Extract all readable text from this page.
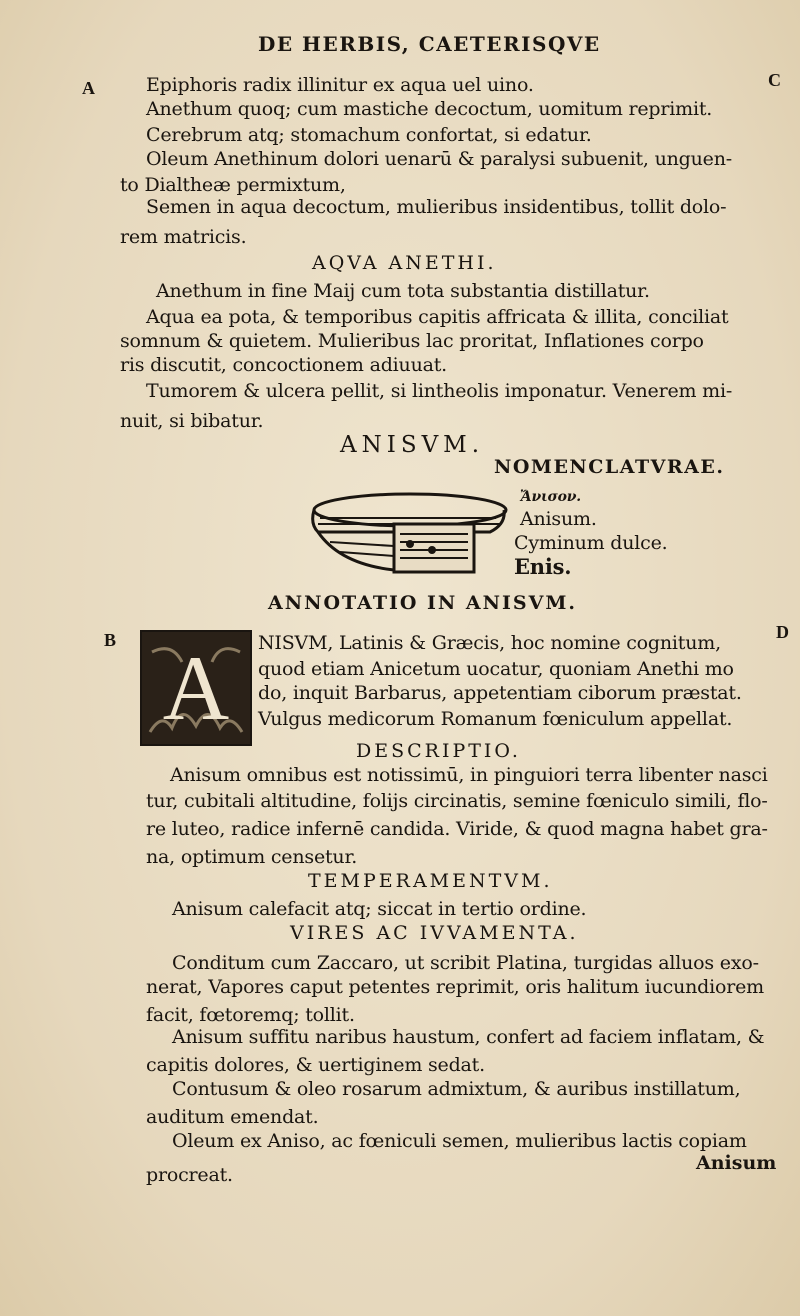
DE HERBIS, CAETERISQVE
A	C
B	D
Epiphoris radix illinitur ex aqua uel uino.
Anethum quoq; cum mastiche decoctum, uomitum reprimit.
Cerebrum atq; stomachum confortat, si edatur.
Oleum Anethinum dolori uenarū & paralysi subuenit, unguen-
to Dialtheæ permixtum,
Semen in aqua decoctum, mulieribus insidentibus, tollit dolo-
rem matricis.
AQVA ANETHI.
Anethum in fine Maij cum tota substantia distillatur.
Aqua ea pota, & temporibus capitis affricata & illita, conciliat
somnum & quietem. Mulieribus lac proritat, Inflationes corpo
ris discutit, concoctionem adiuuat.
Tumorem & ulcera pellit, si lintheolis imponatur. Venerem mi-
nuit, si bibatur.
ANISVM.
NOMENCLATVRAE.
Ἄνισον.
Anisum.
Cyminum dulce.
Enis.
ANNOTATIO IN ANISVM.
A	NISVM, Latinis & Græcis, hoc nomine cognitum,
quod etiam Anicetum uocatur, quoniam Anethi mo
do, inquit Barbarus, appetentiam ciborum præstat.
Vulgus medicorum Romanum fœniculum appellat.
DESCRIPTIO.
Anisum omnibus est notissimū, in pinguiori terra libenter nasci
tur, cubitali altitudine, folijs circinatis, semine fœniculo simili, flo-
re luteo, radice infernē candida. Viride, & quod magna habet gra-
na, optimum censetur.
TEMPERAMENTVM.
Anisum calefacit atq; siccat in tertio ordine.
VIRES AC IVVAMENTA.
Conditum cum Zaccaro, ut scribit Platina, turgidas alluos exo-
nerat, Vapores caput petentes reprimit, oris halitum iucundiorem
facit, fœtoremq; tollit.
Anisum suffitu naribus haustum, confert ad faciem inflatam, &
capitis dolores, & uertiginem sedat.
Contusum & oleo rosarum admixtum, & auribus instillatum,
auditum emendat.
Oleum ex Aniso, ac fœniculi semen, mulieribus lactis copiam
procreat.
Anisum
